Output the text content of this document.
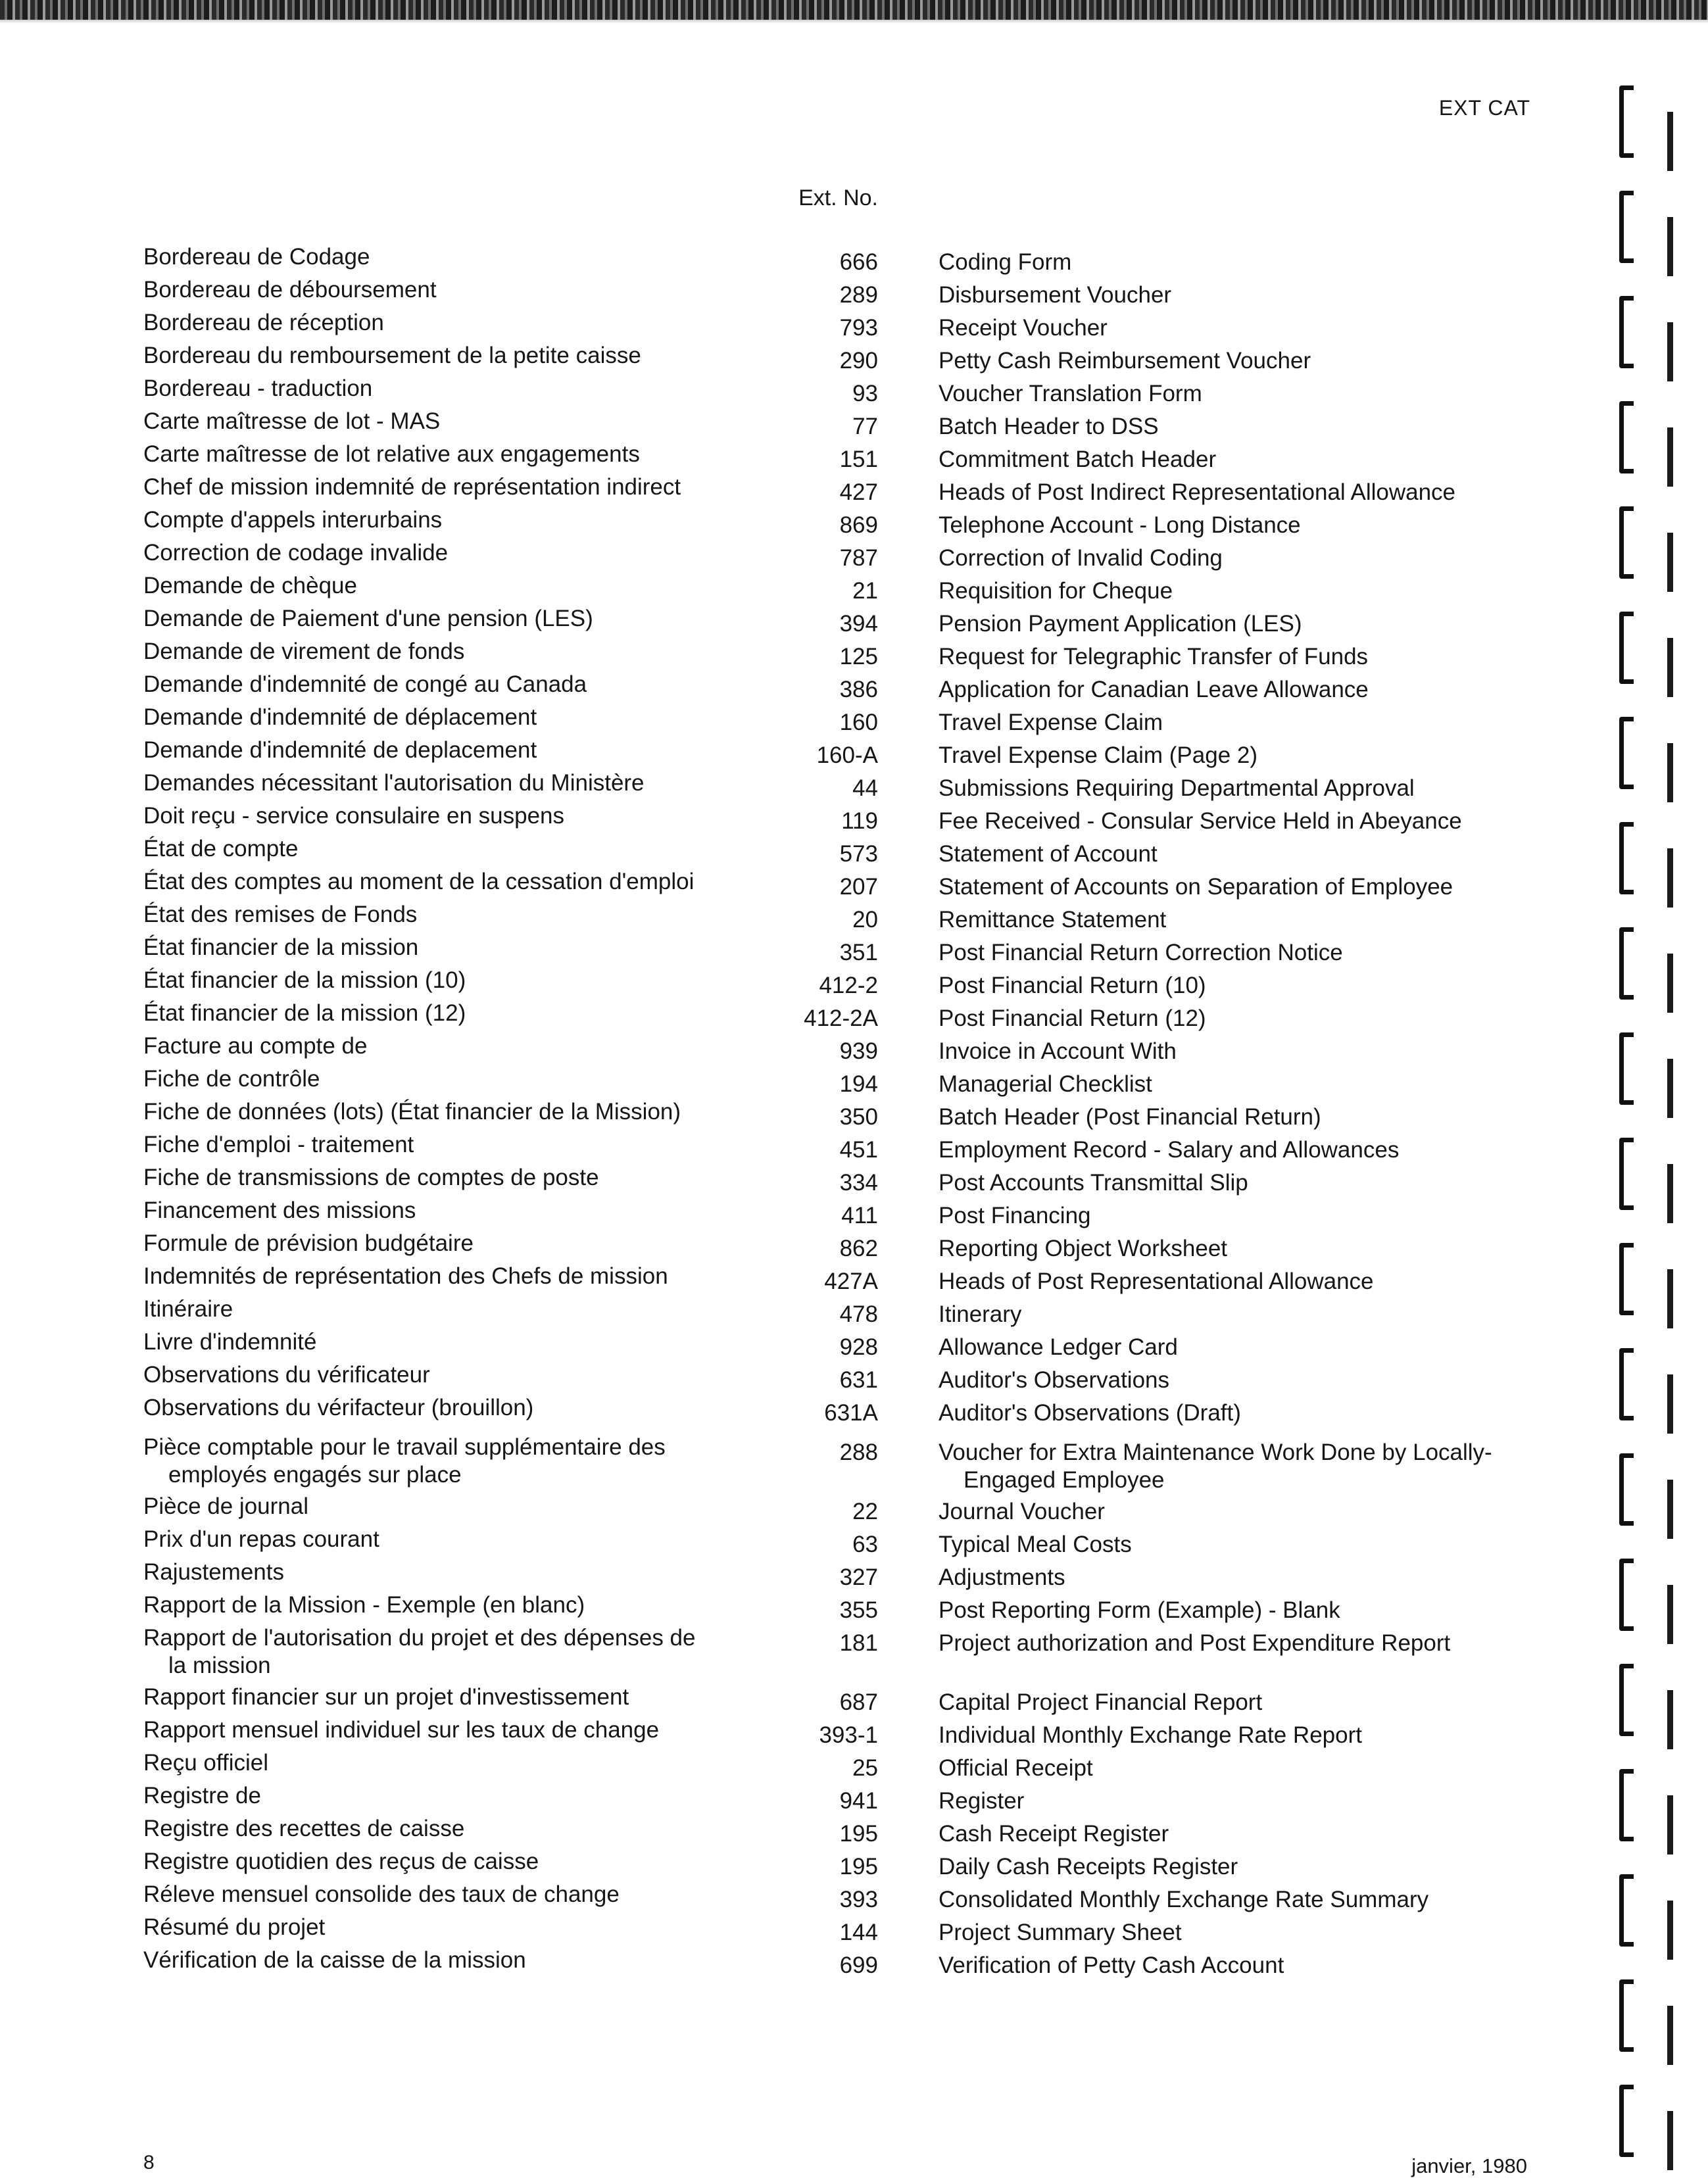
EXT CAT
Ext. No.
Bordereau de Codage	666	Coding Form
Bordereau de déboursement	289	Disbursement Voucher
Bordereau de réception	793	Receipt Voucher
Bordereau du remboursement de la petite caisse	290	Petty Cash Reimbursement Voucher
Bordereau - traduction	93	Voucher Translation Form
Carte maîtresse de lot - MAS	77	Batch Header to DSS
Carte maîtresse de lot relative aux engagements	151	Commitment Batch Header
Chef de mission indemnité de représentation indirect	427	Heads of Post Indirect Representational Allowance
Compte d'appels interurbains	869	Telephone Account - Long Distance
Correction de codage invalide	787	Correction of Invalid Coding
Demande de chèque	21	Requisition for Cheque
Demande de Paiement d'une pension (LES)	394	Pension Payment Application (LES)
Demande de virement de fonds	125	Request for Telegraphic Transfer of Funds
Demande d'indemnité de congé au Canada	386	Application for Canadian Leave Allowance
Demande d'indemnité de déplacement	160	Travel Expense Claim
Demande d'indemnité de deplacement	160-A	Travel Expense Claim (Page 2)
Demandes nécessitant l'autorisation du Ministère	44	Submissions Requiring Departmental Approval
Doit reçu - service consulaire en suspens	119	Fee Received - Consular Service Held in Abeyance
État de compte	573	Statement of Account
État des comptes au moment de la cessation d'emploi	207	Statement of Accounts on Separation of Employee
État des remises de Fonds	20	Remittance Statement
État financier de la mission	351	Post Financial Return Correction Notice
État financier de la mission (10)	412-2	Post Financial Return (10)
État financier de la mission (12)	412-2A	Post Financial Return (12)
Facture au compte de	939	Invoice in Account With
Fiche de contrôle	194	Managerial Checklist
Fiche de données (lots) (État financier de la Mission)	350	Batch Header (Post Financial Return)
Fiche d'emploi - traitement	451	Employment Record - Salary and Allowances
Fiche de transmissions de comptes de poste	334	Post Accounts Transmittal Slip
Financement des missions	411	Post Financing
Formule de prévision budgétaire	862	Reporting Object Worksheet
Indemnités de représentation des Chefs de mission	427A	Heads of Post Representational Allowance
Itinéraire	478	Itinerary
Livre d'indemnité	928	Allowance Ledger Card
Observations du vérificateur	631	Auditor's Observations
Observations du vérifacteur (brouillon)	631A	Auditor's Observations (Draft)
Pièce comptable pour le travail supplémentaire des
employés engagés sur place
288	Voucher for Extra Maintenance Work Done by Locally-
Engaged Employee
Pièce de journal	22	Journal Voucher
Prix d'un repas courant	63	Typical Meal Costs
Rajustements	327	Adjustments
Rapport de la Mission - Exemple (en blanc)	355	Post Reporting Form (Example) - Blank
Rapport de l'autorisation du projet et des dépenses de
la mission
181	Project authorization and Post Expenditure Report
Rapport financier sur un projet d'investissement	687	Capital Project Financial Report
Rapport mensuel individuel sur les taux de change	393-1	Individual Monthly Exchange Rate Report
Reçu officiel	25	Official Receipt
Registre de	941	Register
Registre des recettes de caisse	195	Cash Receipt Register
Registre quotidien des reçus de caisse	195	Daily Cash Receipts Register
Réleve mensuel consolide des taux de change	393	Consolidated Monthly Exchange Rate Summary
Résumé du projet	144	Project Summary Sheet
Vérification de la caisse de la mission	699	Verification of Petty Cash Account
8	janvier, 1980
